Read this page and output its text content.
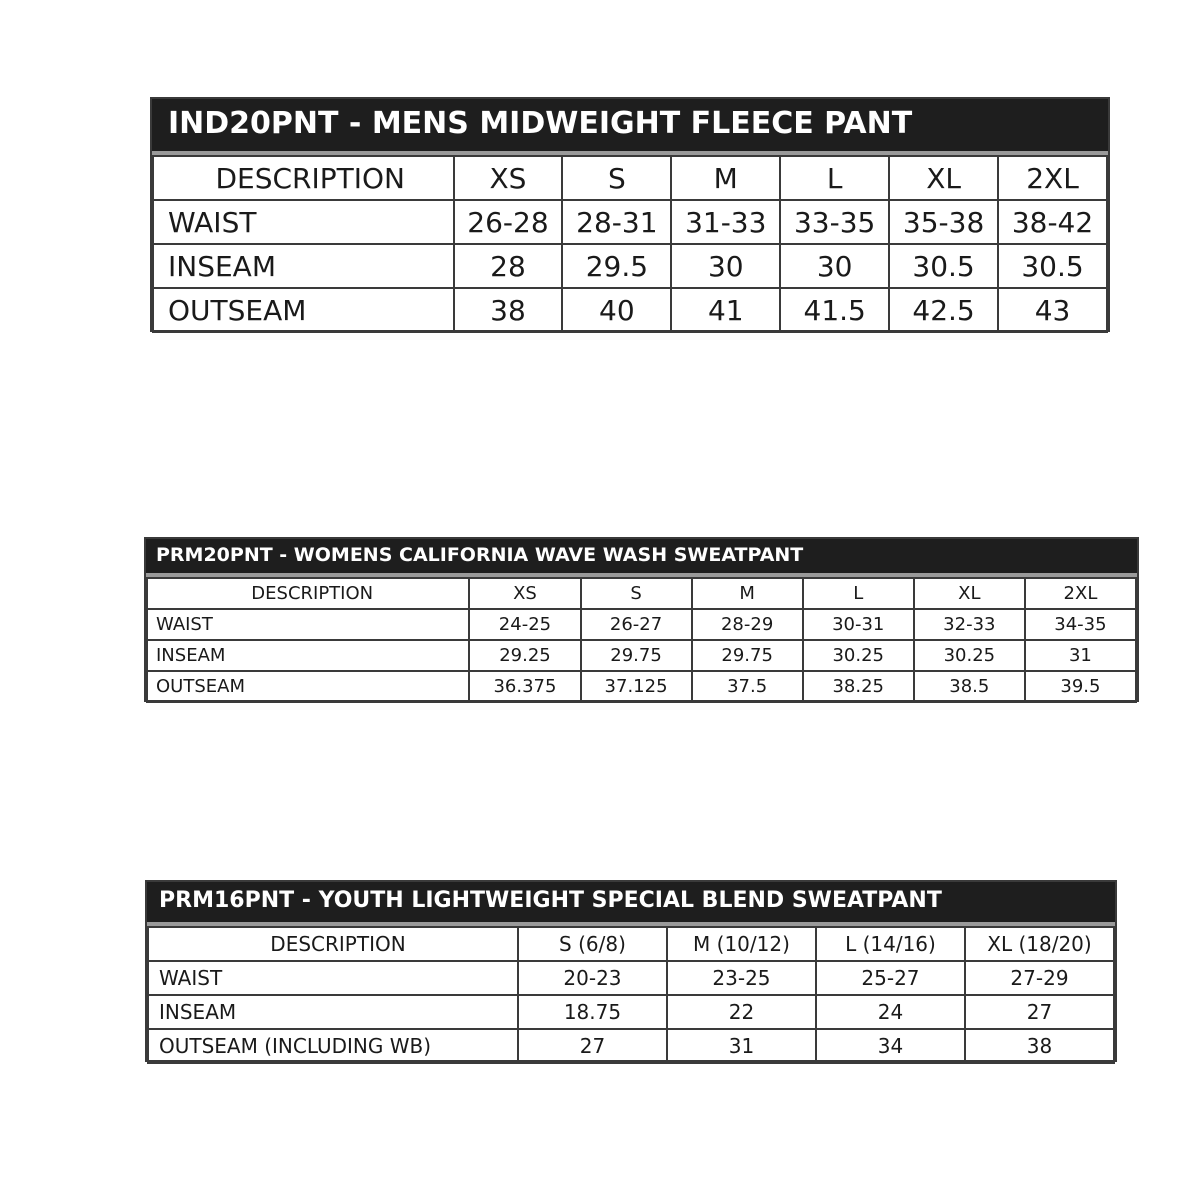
IND20PNT - MENS MIDWEIGHT FLEECE PANT
DESCRIPTION	XS	S	M	L	XL	2XL
WAIST	26-28	28-31	31-33	33-35	35-38	38-42
INSEAM	28	29.5	30	30	30.5	30.5
OUTSEAM	38	40	41	41.5	42.5	43
PRM20PNT - WOMENS CALIFORNIA WAVE WASH SWEATPANT
DESCRIPTION	XS	S	M	L	XL	2XL
WAIST	24-25	26-27	28-29	30-31	32-33	34-35
INSEAM	29.25	29.75	29.75	30.25	30.25	31
OUTSEAM	36.375	37.125	37.5	38.25	38.5	39.5
PRM16PNT - YOUTH LIGHTWEIGHT SPECIAL BLEND SWEATPANT
DESCRIPTION	S (6/8)	M (10/12)	L (14/16)	XL (18/20)
WAIST	20-23	23-25	25-27	27-29
INSEAM	18.75	22	24	27
OUTSEAM (INCLUDING WB)	27	31	34	38
